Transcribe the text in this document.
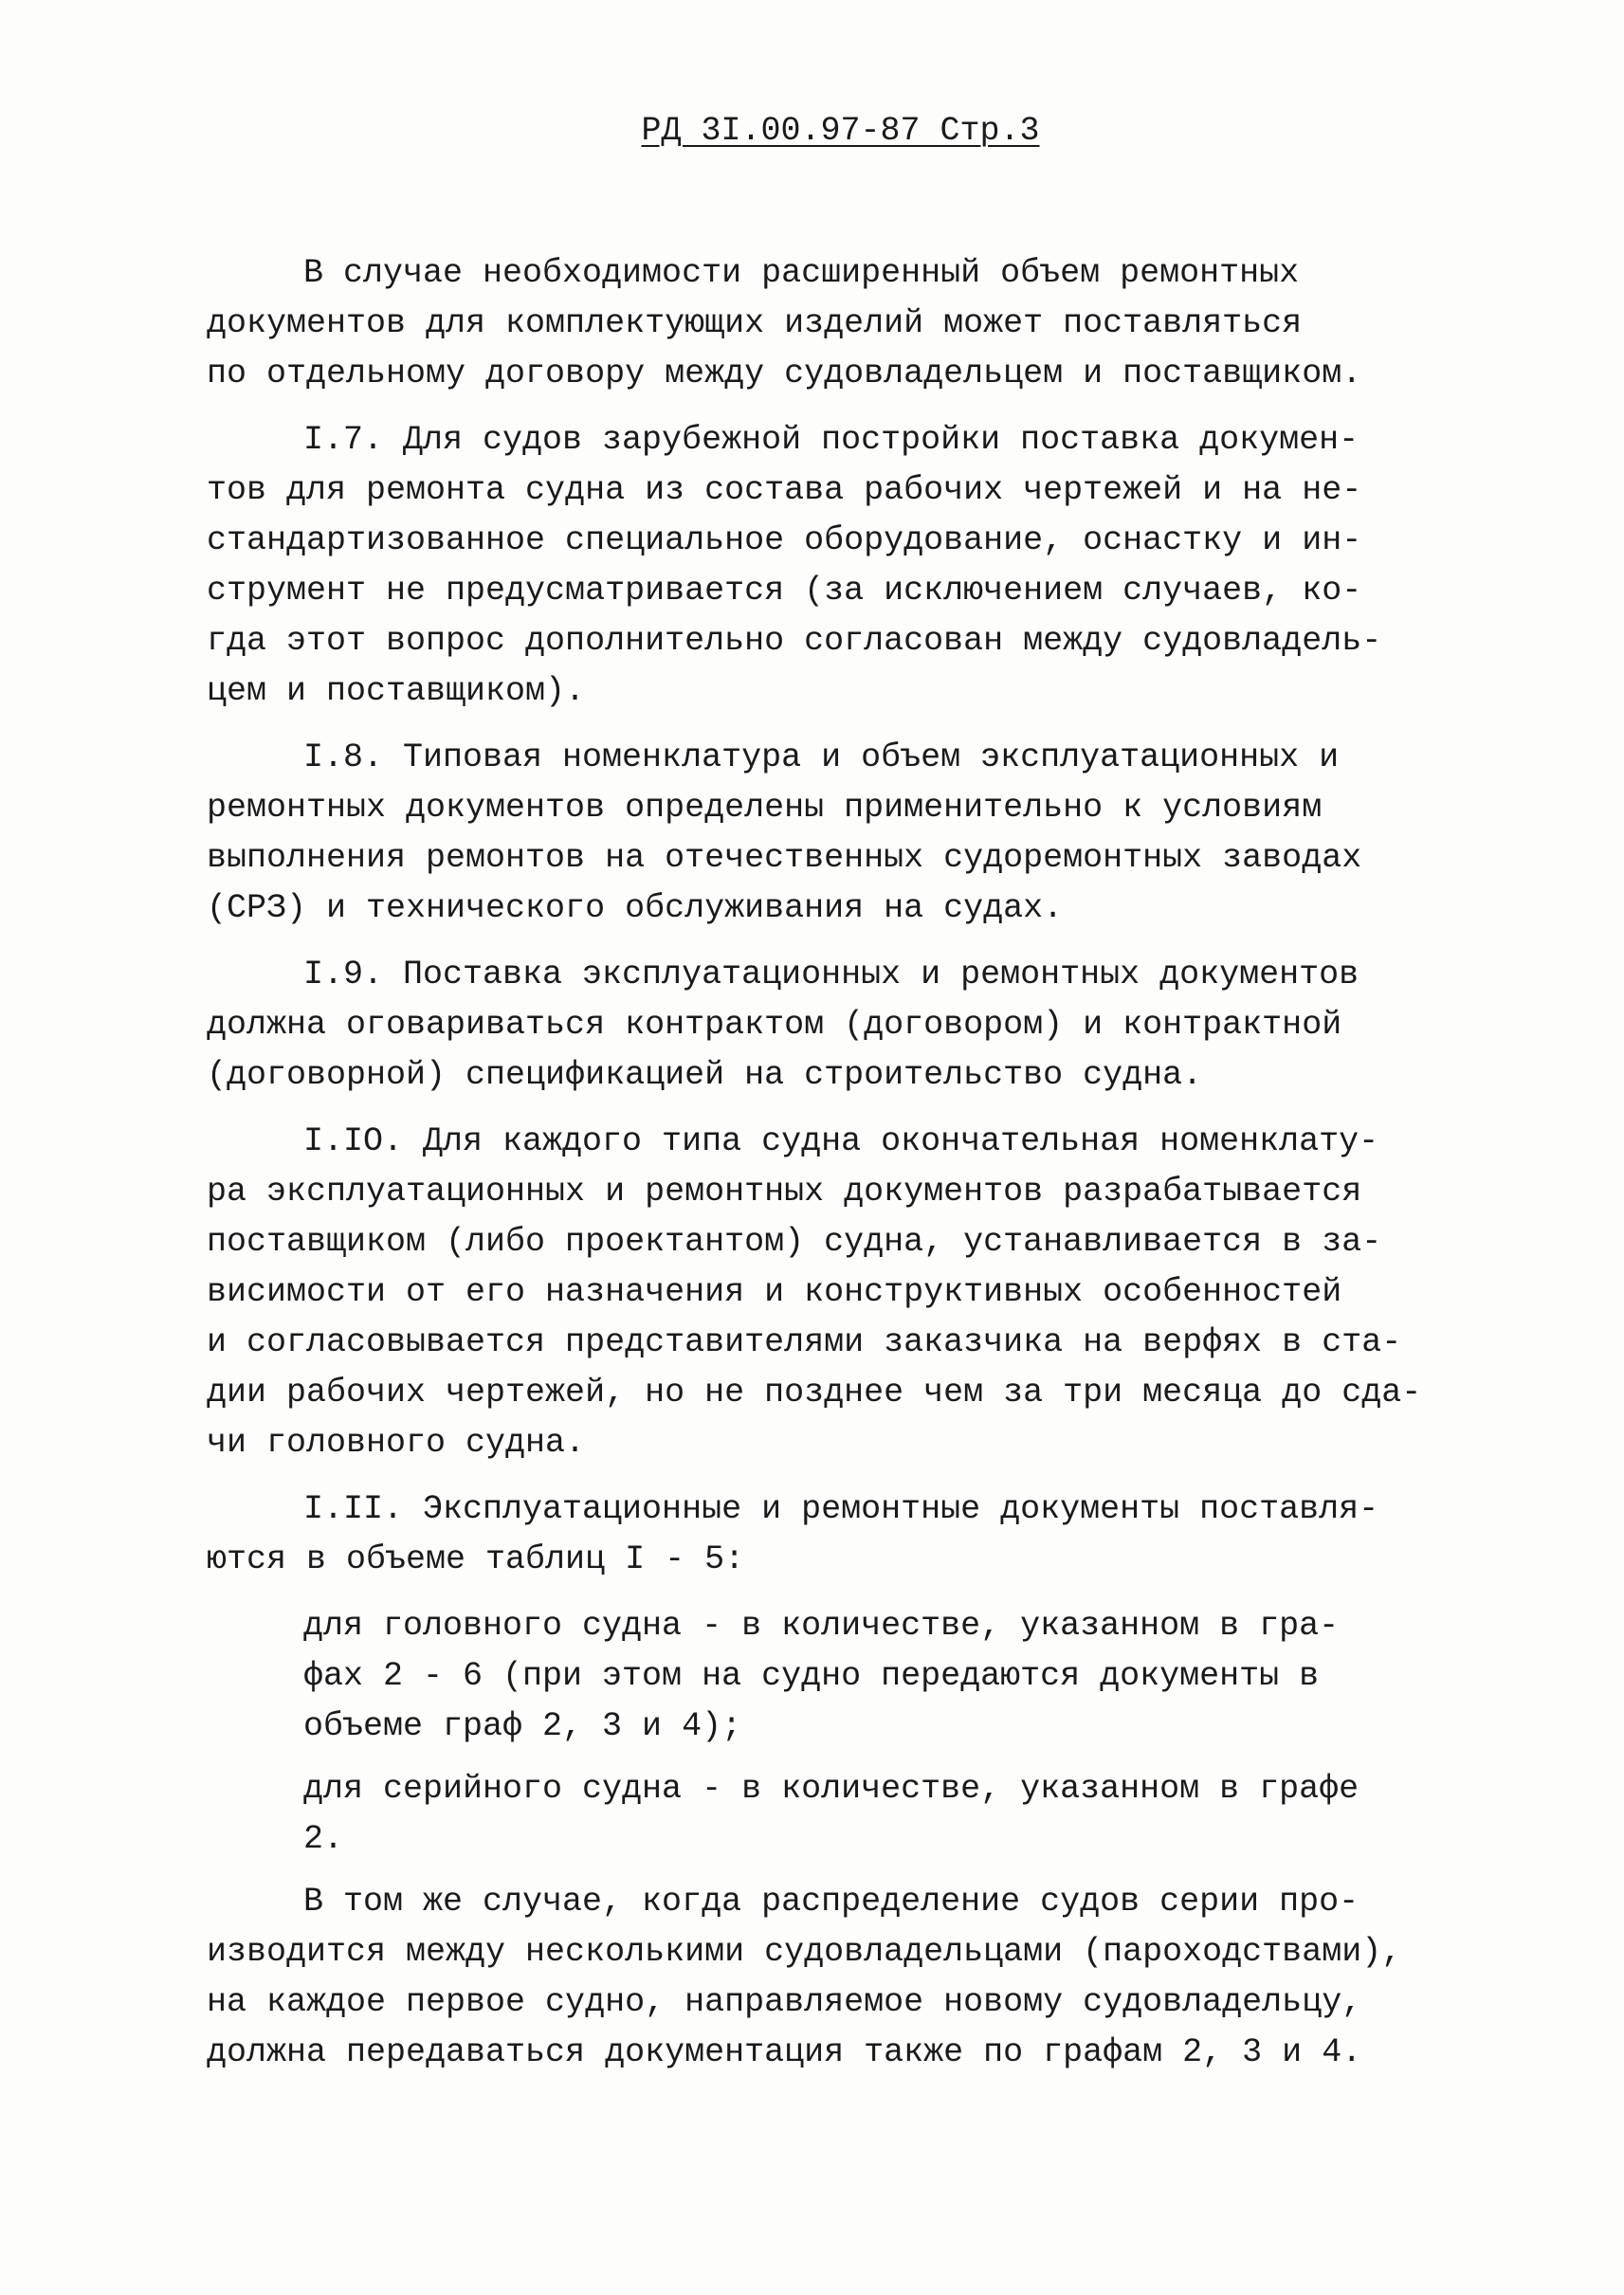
РД 3I.00.97-87 Стр.3
В случае необходимости расширенный объем ремонтных
документов для комплектующих изделий может поставляться
по отдельному договору между судовладельцем и поставщиком.
I.7. Для судов зарубежной постройки поставка докумен-
тов для ремонта судна из состава рабочих чертежей и на не-
стандартизованное специальное оборудование, оснастку и ин-
струмент не предусматривается (за исключением случаев, ко-
гда этот вопрос дополнительно согласован между судовладель-
цем и поставщиком).
I.8. Типовая номенклатура и объем эксплуатационных и
ремонтных документов определены применительно к условиям
выполнения ремонтов на отечественных судоремонтных заводах
(СРЗ) и технического обслуживания на судах.
I.9. Поставка эксплуатационных и ремонтных документов
должна оговариваться контрактом (договором) и контрактной
(договорной) спецификацией на строительство судна.
I.IO. Для каждого типа судна окончательная номенклату-
ра эксплуатационных и ремонтных документов разрабатывается
поставщиком (либо проектантом) судна, устанавливается в за-
висимости от его назначения и конструктивных особенностей
и согласовывается представителями заказчика на верфях в ста-
дии рабочих чертежей, но не позднее чем за три месяца до сда-
чи головного судна.
I.II. Эксплуатационные и ремонтные документы поставля-
ются в объеме таблиц I - 5:
для головного судна - в количестве, указанном в гра-
фах 2 - 6 (при этом на судно передаются документы в
объеме граф 2, 3 и 4);
для серийного судна - в количестве, указанном в графе
2.
В том же случае, когда распределение судов серии про-
изводится между несколькими судовладельцами (пароходствами),
на каждое первое судно, направляемое новому судовладельцу,
должна передаваться документация также по графам 2, 3 и 4.
